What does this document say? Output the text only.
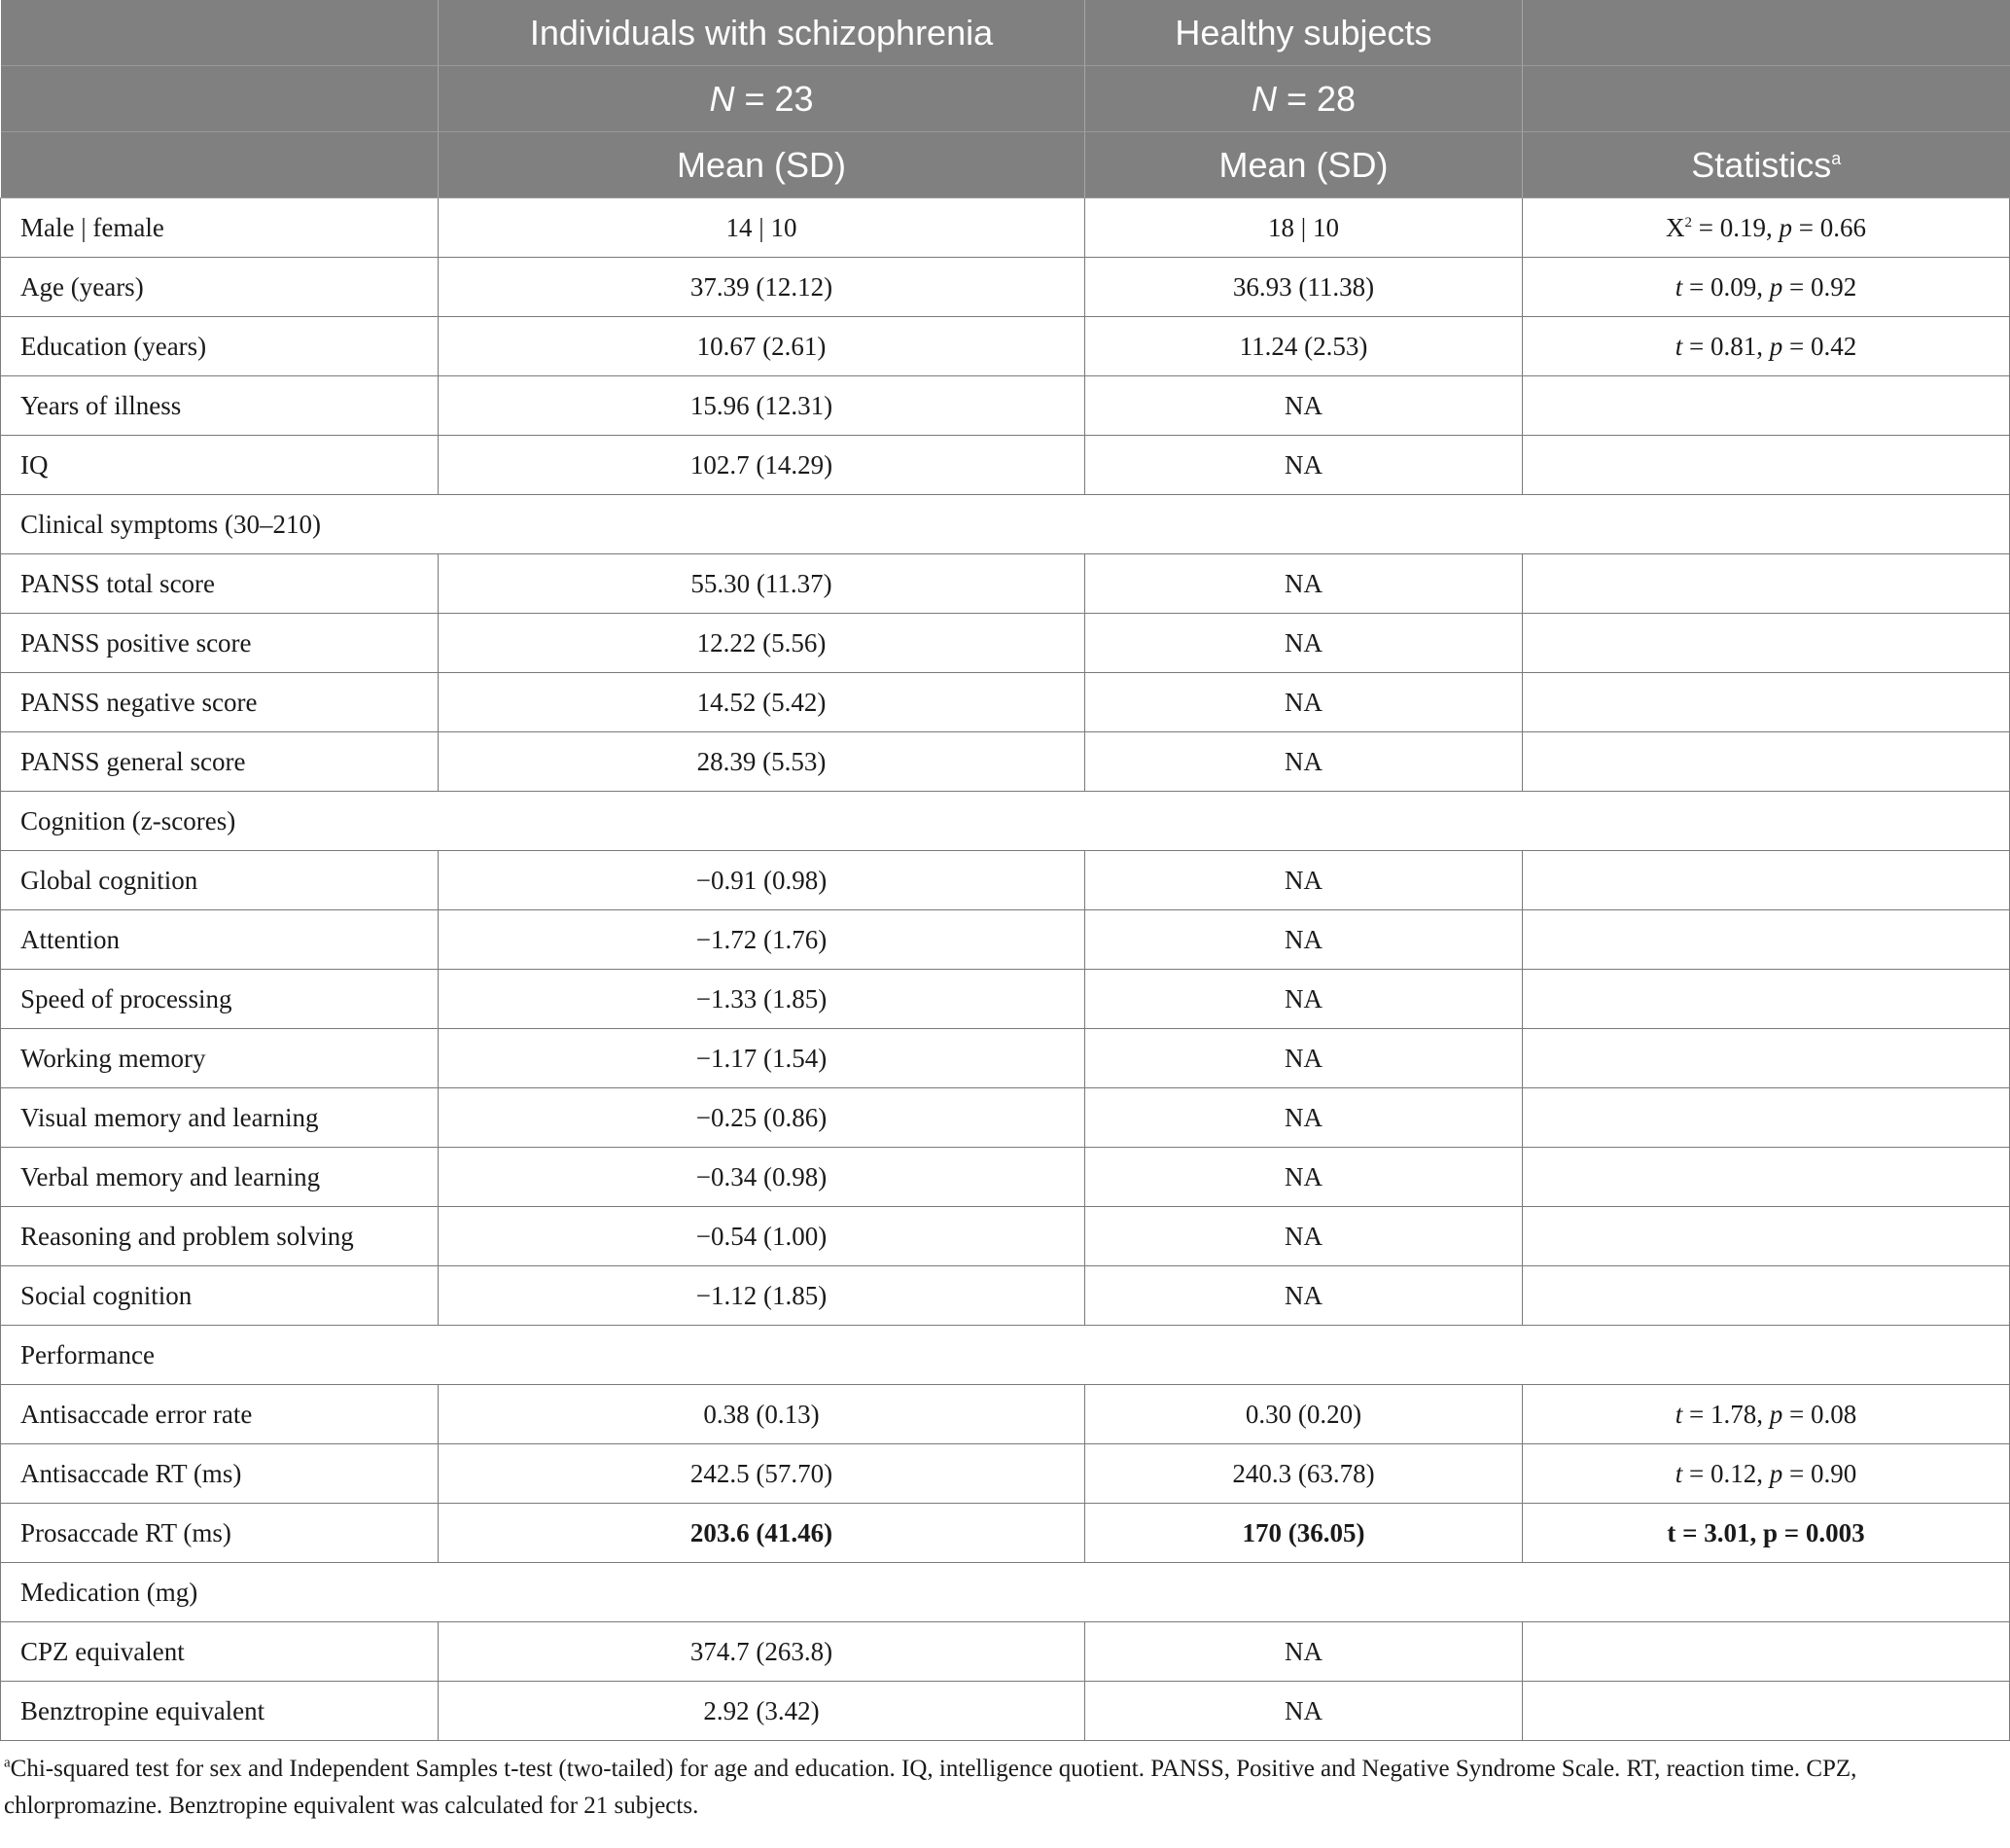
	Individuals with schizophrenia	Healthy subjects	
	N = 23	N = 28	
	Mean (SD)	Mean (SD)	Statistics$^a$
Male | female	14 | 10	18 | 10	$X^2 = 0.19$, p = 0.66
Age (years)	37.39 (12.12)	36.93 (11.38)	t = 0.09, p = 0.92
Education (years)	10.67 (2.61)	11.24 (2.53)	t = 0.81, p = 0.42
Years of illness	15.96 (12.31)	NA	
IQ	102.7 (14.29)	NA	
Clinical symptoms (30–210)			
PANSS total score	55.30 (11.37)	NA	
PANSS positive score	12.22 (5.56)	NA	
PANSS negative score	14.52 (5.42)	NA	
PANSS general score	28.39 (5.53)	NA	
Cognition (z-scores)			
Global cognition	−0.91 (0.98)	NA	
Attention	−1.72 (1.76)	NA	
Speed of processing	−1.33 (1.85)	NA	
Working memory	−1.17 (1.54)	NA	
Visual memory and learning	−0.25 (0.86)	NA	
Verbal memory and learning	−0.34 (0.98)	NA	
Reasoning and problem solving	−0.54 (1.00)	NA	
Social cognition	−1.12 (1.85)	NA	
Performance			
Antisaccade error rate	0.38 (0.13)	0.30 (0.20)	t = 1.78, p = 0.08
Antisaccade RT (ms)	242.5 (57.70)	240.3 (63.78)	t = 0.12, p = 0.90
Prosaccade RT (ms)	203.6 (41.46)	170 (36.05)	t = 3.01, p = 0.003
Medication (mg)			
CPZ equivalent	374.7 (263.8)	NA	
Benztropine equivalent	2.92 (3.42)	NA	
$^a$Chi-squared test for sex and Independent Samples t-test (two-tailed) for age and education. IQ, intelligence quotient. PANSS, Positive and Negative Syndrome Scale. RT, reaction time. CPZ, chlorpromazine. Benztropine equivalent was calculated for 21 subjects.
